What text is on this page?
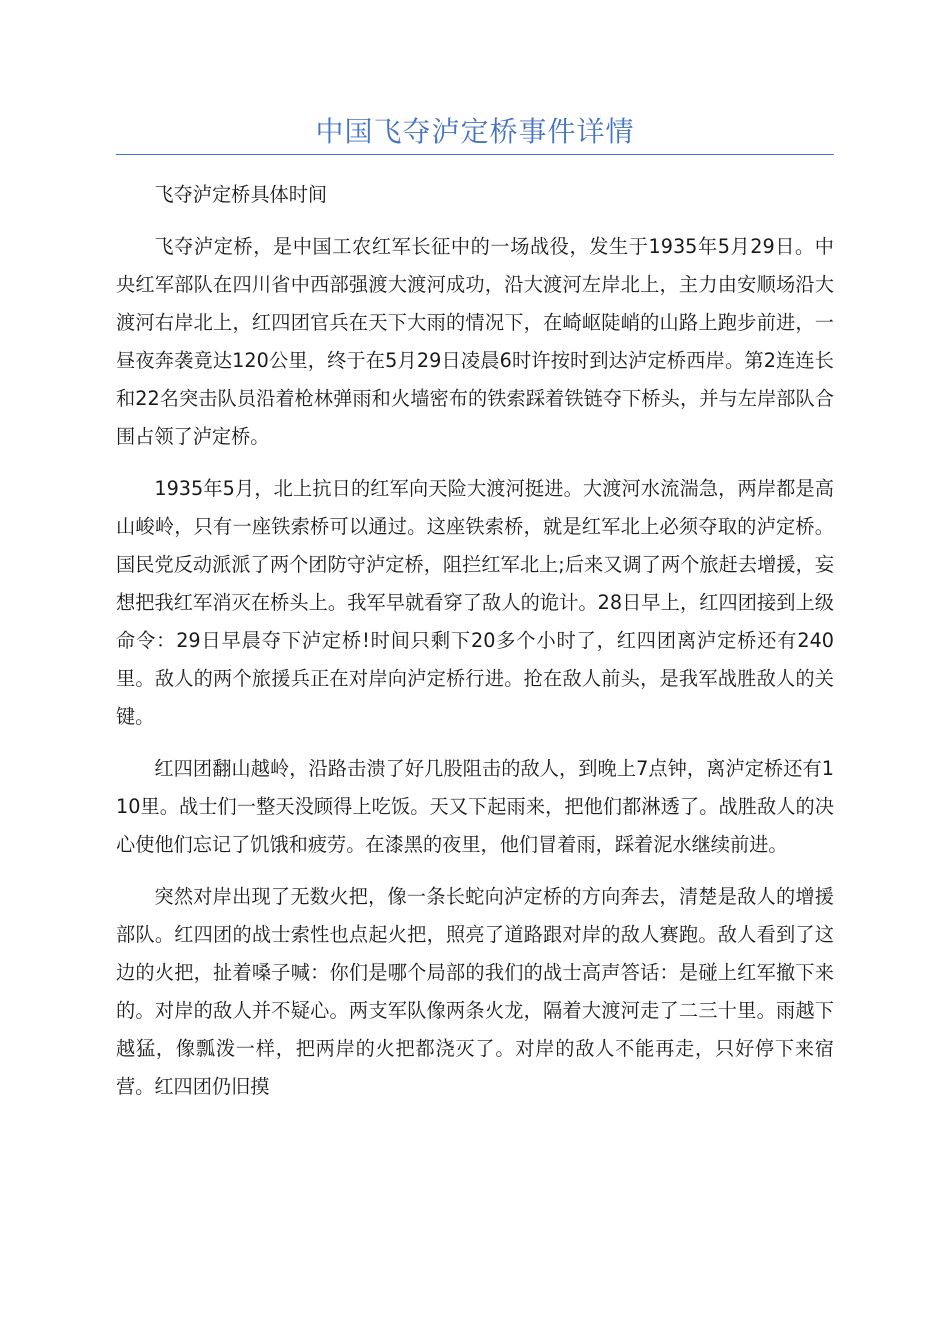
中国飞夺泸定桥事件详情

飞夺泸定桥具体时间

飞夺泸定桥，是中国工农红军长征中的一场战役，发生于1935年5月29日。中央红军部队在四川省中西部强渡大渡河成功，沿大渡河左岸北上，主力由安顺场沿大渡河右岸北上，红四团官兵在天下大雨的情况下，在崎岖陡峭的山路上跑步前进，一昼夜奔袭竟达120公里，终于在5月29日凌晨6时许按时到达泸定桥西岸。第2连连长和22名突击队员沿着枪林弹雨和火墙密布的铁索踩着铁链夺下桥头，并与左岸部队合围占领了泸定桥。

1935年5月，北上抗日的红军向天险大渡河挺进。大渡河水流湍急，两岸都是高山峻岭，只有一座铁索桥可以通过。这座铁索桥，就是红军北上必须夺取的泸定桥。国民党反动派派了两个团防守泸定桥，阻拦红军北上;后来又调了两个旅赶去增援，妄想把我红军消灭在桥头上。我军早就看穿了敌人的诡计。28日早上，红四团接到上级命令：29日早晨夺下泸定桥!时间只剩下20多个小时了，红四团离泸定桥还有240里。敌人的两个旅援兵正在对岸向泸定桥行进。抢在敌人前头，是我军战胜敌人的关键。

红四团翻山越岭，沿路击溃了好几股阻击的敌人，到晚上7点钟，离泸定桥还有110里。战士们一整天没顾得上吃饭。天又下起雨来，把他们都淋透了。战胜敌人的决心使他们忘记了饥饿和疲劳。在漆黑的夜里，他们冒着雨，踩着泥水继续前进。

突然对岸出现了无数火把，像一条长蛇向泸定桥的方向奔去，清楚是敌人的增援部队。红四团的战士索性也点起火把，照亮了道路跟对岸的敌人赛跑。敌人看到了这边的火把，扯着嗓子喊：你们是哪个局部的我们的战士高声答话：是碰上红军撤下来的。对岸的敌人并不疑心。两支军队像两条火龙，隔着大渡河走了二三十里。雨越下越猛，像瓢泼一样，把两岸的火把都浇灭了。对岸的敌人不能再走，只好停下来宿营。红四团仍旧摸
